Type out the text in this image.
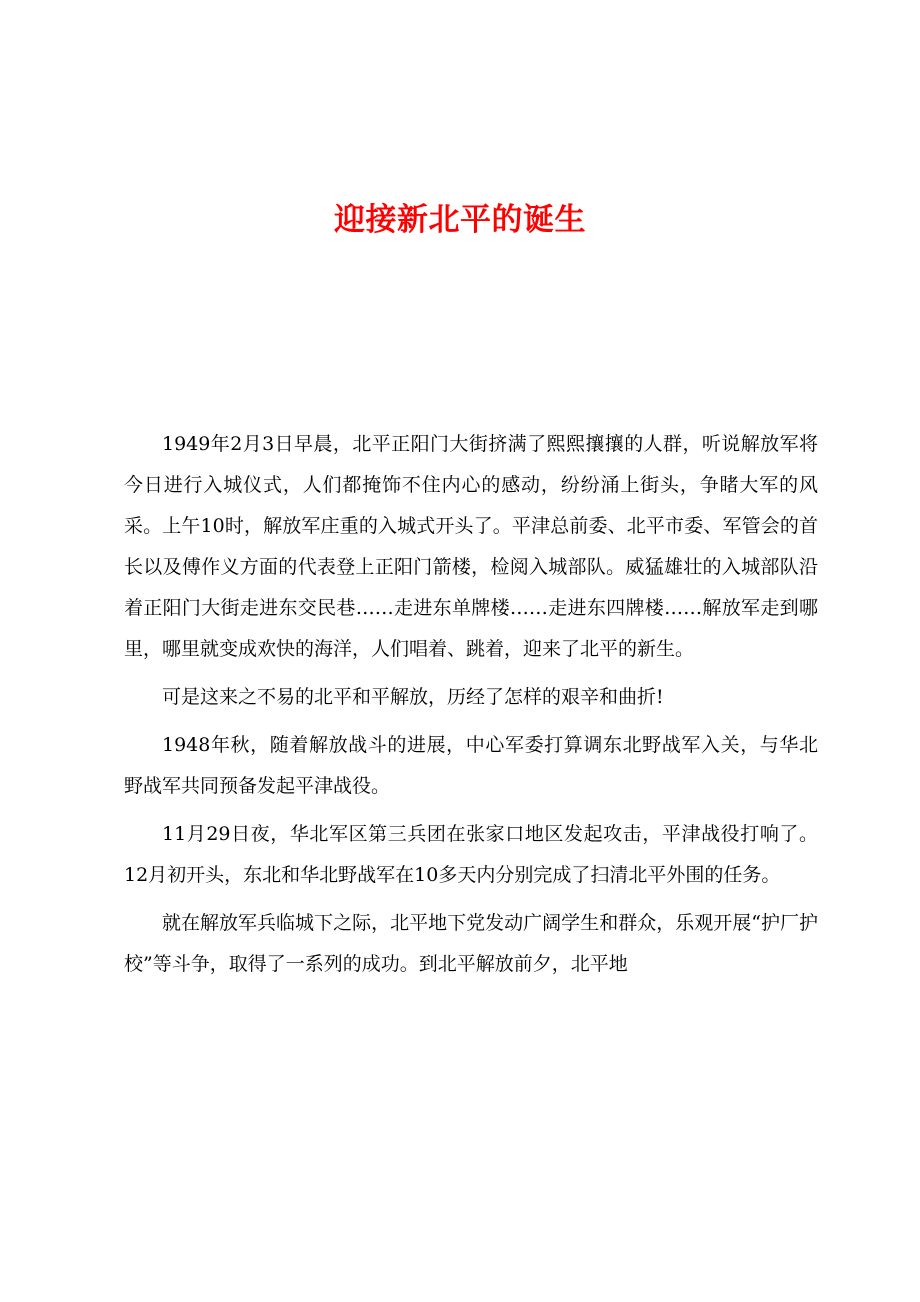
迎接新北平的诞生

1949年2月3日早晨，北平正阳门大街挤满了熙熙攘攘的人群，听说解放军将今日进行入城仪式，人们都掩饰不住内心的感动，纷纷涌上街头，争睹大军的风采。上午10时，解放军庄重的入城式开头了。平津总前委、北平市委、军管会的首长以及傅作义方面的代表登上正阳门箭楼，检阅入城部队。威猛雄壮的入城部队沿着正阳门大街走进东交民巷……走进东单牌楼……走进东四牌楼……解放军走到哪里，哪里就变成欢快的海洋，人们唱着、跳着，迎来了北平的新生。

可是这来之不易的北平和平解放，历经了怎样的艰辛和曲折!

1948年秋，随着解放战斗的进展，中心军委打算调东北野战军入关，与华北野战军共同预备发起平津战役。

11月29日夜，华北军区第三兵团在张家口地区发起攻击，平津战役打响了。12月初开头，东北和华北野战军在10多天内分别完成了扫清北平外围的任务。

就在解放军兵临城下之际，北平地下党发动广阔学生和群众，乐观开展“护厂护校”等斗争，取得了一系列的成功。到北平解放前夕，北平地
